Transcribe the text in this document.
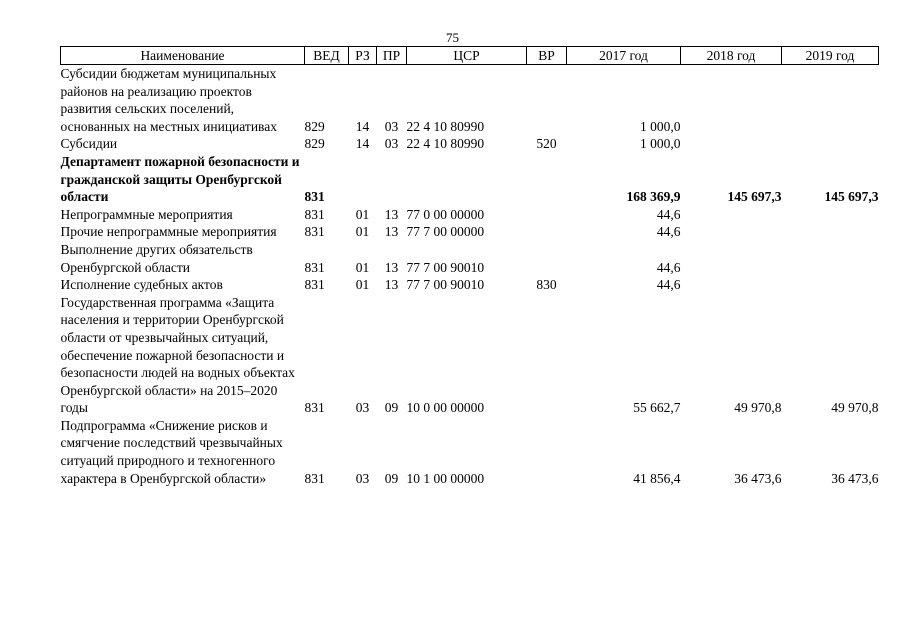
75
Наименование	ВЕД	РЗ	ПР	ЦСР	ВР	2017 год	2018 год	2019 год
Субсидии бюджетам муниципальных районов на реализацию проектов развития сельских поселений, основанных на местных инициативах	829	14	03	22 4 10 80990		1 000,0		
Субсидии	829	14	03	22 4 10 80990	520	1 000,0		
Департамент пожарной безопасности и гражданской защиты Оренбургской области	831					168 369,9	145 697,3	145 697,3
Непрограммные мероприятия	831	01	13	77 0 00 00000		44,6		
Прочие непрограммные мероприятия	831	01	13	77 7 00 00000		44,6		
Выполнение других обязательств Оренбургской области	831	01	13	77 7 00 90010		44,6		
Исполнение судебных актов	831	01	13	77 7 00 90010	830	44,6		
Государственная программа «Защита населения и территории Оренбургской области от чрезвычайных ситуаций, обеспечение пожарной безопасности и безопасности людей на водных объектах Оренбургской области» на 2015–2020 годы	831	03	09	10 0 00 00000		55 662,7	49 970,8	49 970,8
Подпрограмма «Снижение рисков и смягчение последствий чрезвычайных ситуаций природного и техногенного характера в Оренбургской области»	831	03	09	10 1 00 00000		41 856,4	36 473,6	36 473,6
